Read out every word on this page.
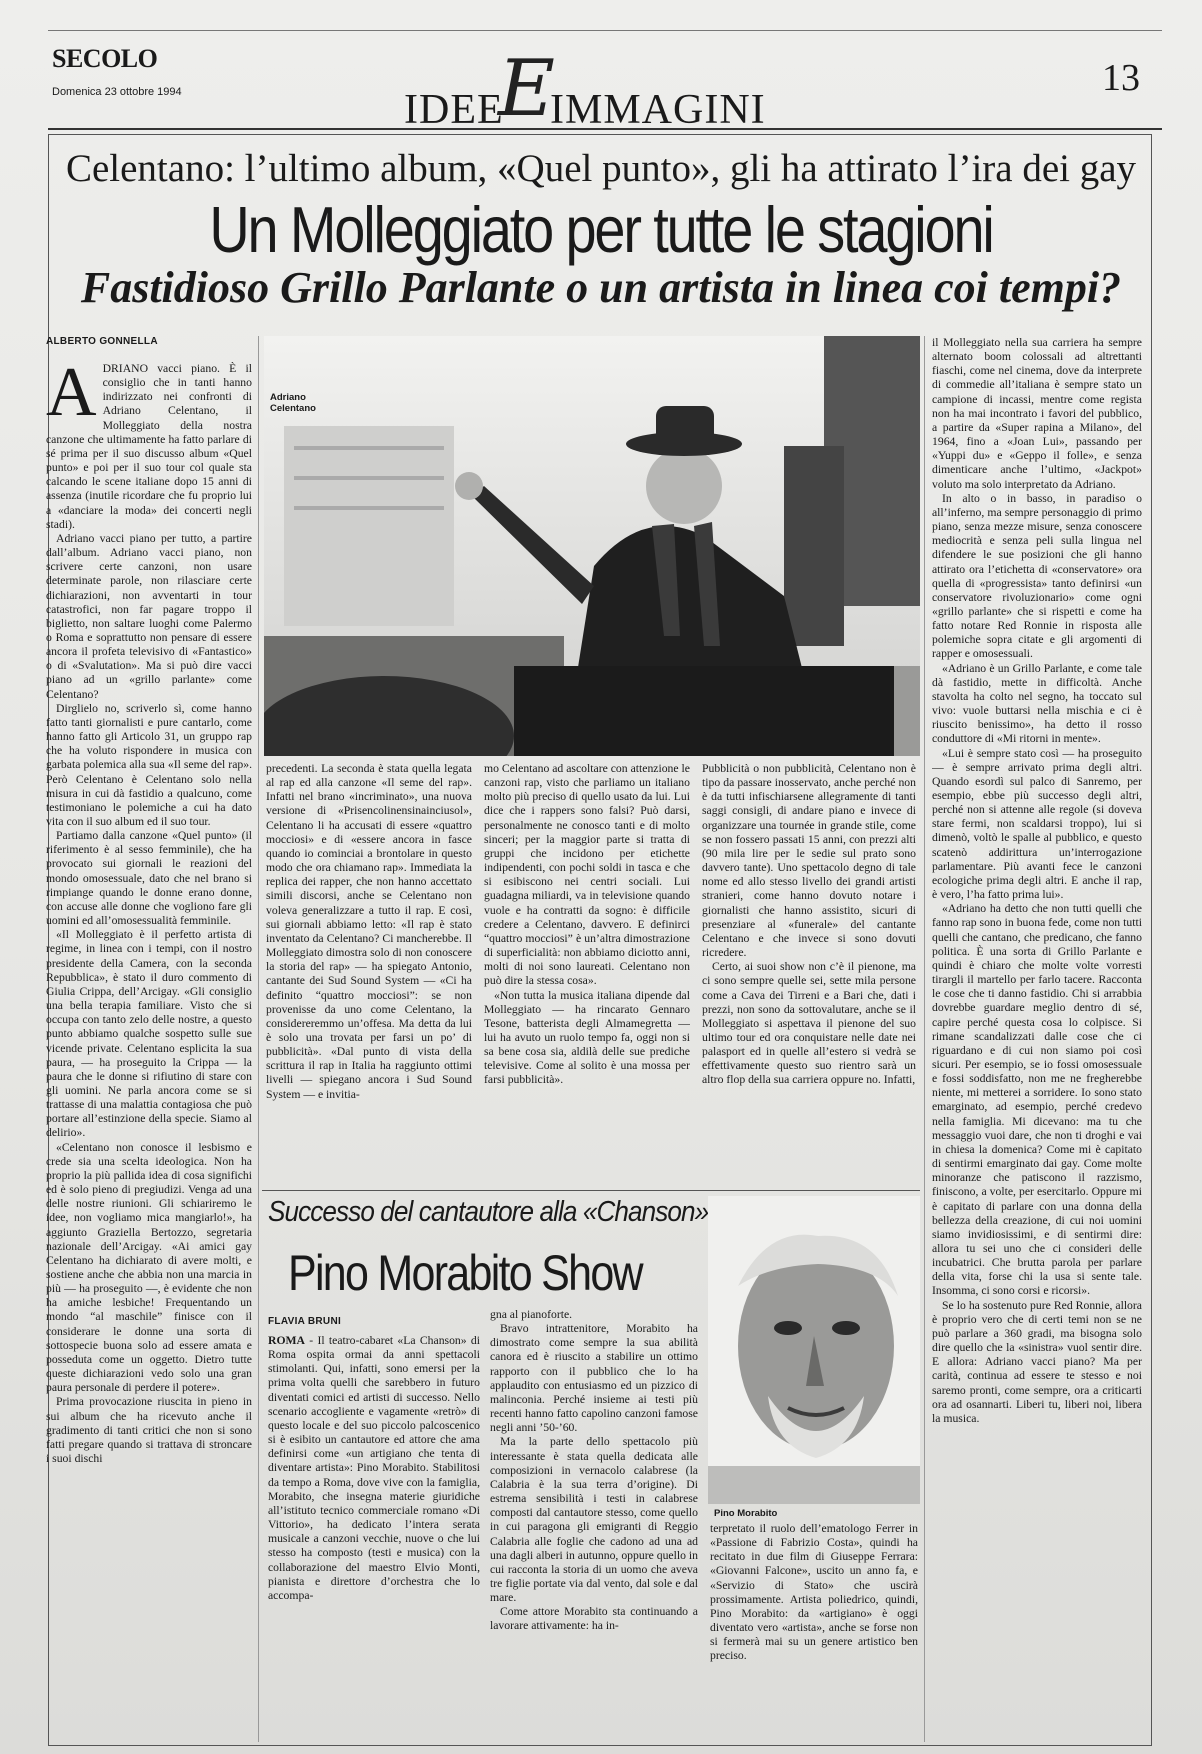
SECOLO
Domenica 23 ottobre 1994	IDEE
E
IMMAGINI
13
Celentano: l’ultimo album, «Quel punto», gli ha attirato l’ira dei gay
Un Molleggiato per tutte le stagioni
Fastidioso Grillo Parlante o un artista in linea coi tempi?
ALBERTO GONNELLA
Adriano Celentano

ADRIANO vacci piano. È il consiglio che in tanti hanno indirizzato nei confronti di Adriano Celentano, il Molleggiato della nostra canzone che ultimamente ha fatto parlare di sé prima per il suo discusso album «Quel punto» e poi per il suo tour col quale sta calcando le scene italiane dopo 15 anni di assenza (inutile ricordare che fu proprio lui a «danciare la moda» dei concerti negli stadi).

Adriano vacci piano per tutto, a partire dall’album. Adriano vacci piano, non scrivere certe canzoni, non usare determinate parole, non rilasciare certe dichiarazioni, non avventarti in tour catastrofici, non far pagare troppo il biglietto, non saltare luoghi come Palermo o Roma e soprattutto non pensare di essere ancora il profeta televisivo di «Fantastico» o di «Svalutation». Ma si può dire vacci piano ad un «grillo parlante» come Celentano?

Dirglielo no, scriverlo sì, come hanno fatto tanti giornalisti e pure cantarlo, come hanno fatto gli Articolo 31, un gruppo rap che ha voluto rispondere in musica con garbata polemica alla sua «Il seme del rap». Però Celentano è Celentano solo nella misura in cui dà fastidio a qualcuno, come testimoniano le polemiche a cui ha dato vita con il suo album ed il suo tour.

Partiamo dalla canzone «Quel punto» (il riferimento è al sesso femminile), che ha provocato sui giornali le reazioni del mondo omosessuale, dato che nel brano si rimpiange quando le donne erano donne, con accuse alle donne che vogliono fare gli uomini ed all’omosessualità femminile.

«Il Molleggiato è il perfetto artista di regime, in linea con i tempi, con il nostro presidente della Camera, con la seconda Repubblica», è stato il duro commento di Giulia Crippa, dell’Arcigay. «Gli consiglio una bella terapia familiare. Visto che si occupa con tanto zelo delle nostre, a questo punto abbiamo qualche sospetto sulle sue vicende private. Celentano esplicita la sua paura, — ha proseguito la Crippa — la paura che le donne si rifiutino di stare con gli uomini. Ne parla ancora come se si trattasse di una malattia contagiosa che può portare all’estinzione della specie. Siamo al delirio».

«Celentano non conosce il lesbismo e crede sia una scelta ideologica. Non ha proprio la più pallida idea di cosa significhi ed è solo pieno di pregiudizi. Venga ad una delle nostre riunioni. Gli schiariremo le idee, non vogliamo mica mangiarlo!», ha aggiunto Graziella Bertozzo, segretaria nazionale dell’Arcigay. «Ai amici gay Celentano ha dichiarato di avere molti, e sostiene anche che abbia non una marcia in più — ha proseguito —, è evidente che non ha amiche lesbiche! Frequentando un mondo “al maschile” finisce con il considerare le donne una sorta di sottospecie buona solo ad essere amata e posseduta come un oggetto. Dietro tutte queste dichiarazioni vedo solo una gran paura personale di perdere il potere».

Prima provocazione riuscita in pieno in sui album che ha ricevuto anche il gradimento di tanti critici che non si sono fatti pregare quando si trattava di stroncare i suoi dischi

precedenti. La seconda è stata quella legata al rap ed alla canzone «Il seme del rap». Infatti nel brano «incriminato», una nuova versione di «Prisencolinensinainciusol», Celentano li ha accusati di essere «quattro mocciosi» e di «essere ancora in fasce quando io cominciai a brontolare in questo modo che ora chiamano rap». Immediata la replica dei rapper, che non hanno accettato simili discorsi, anche se Celentano non voleva generalizzare a tutto il rap. E così, sui giornali abbiamo letto: «Il rap è stato inventato da Celentano? Ci mancherebbe. Il Molleggiato dimostra solo di non conoscere la storia del rap» — ha spiegato Antonio, cantante dei Sud Sound System — «Ci ha definito “quattro mocciosi”: se non provenisse da uno come Celentano, la considereremmo un’offesa. Ma detta da lui è solo una trovata per farsi un po’ di pubblicità». «Dal punto di vista della scrittura il rap in Italia ha raggiunto ottimi livelli — spiegano ancora i Sud Sound System — e invitia-

mo Celentano ad ascoltare con attenzione le canzoni rap, visto che parliamo un italiano molto più preciso di quello usato da lui. Lui dice che i rappers sono falsi? Può darsi, personalmente ne conosco tanti e di molto sinceri; per la maggior parte si tratta di gruppi che incidono per etichette indipendenti, con pochi soldi in tasca e che si esibiscono nei centri sociali. Lui guadagna miliardi, va in televisione quando vuole e ha contratti da sogno: è difficile credere a Celentano, davvero. E definirci “quattro mocciosi” è un’altra dimostrazione di superficialità: non abbiamo diciotto anni, molti di noi sono laureati. Celentano non può dire la stessa cosa».

«Non tutta la musica italiana dipende dal Molleggiato — ha rincarato Gennaro Tesone, batterista degli Almamegretta — lui ha avuto un ruolo tempo fa, oggi non si sa bene cosa sia, aldilà delle sue prediche televisive. Come al solito è una mossa per farsi pubblicità».

Pubblicità o non pubblicità, Celentano non è tipo da passare inosservato, anche perché non è da tutti infischiarsene allegramente di tanti saggi consigli, di andare piano e invece di organizzare una tournée in grande stile, come se non fossero passati 15 anni, con prezzi alti (90 mila lire per le sedie sul prato sono davvero tante). Uno spettacolo degno di tale nome ed allo stesso livello dei grandi artisti stranieri, come hanno dovuto notare i giornalisti che hanno assistito, sicuri di presenziare al «funerale» del cantante Celentano e che invece si sono dovuti ricredere.

Certo, ai suoi show non c’è il pienone, ma ci sono sempre quelle sei, sette mila persone come a Cava dei Tirreni e a Bari che, dati i prezzi, non sono da sottovalutare, anche se il Molleggiato si aspettava il pienone del suo ultimo tour ed ora conquistare nelle date nei palasport ed in quelle all’estero si vedrà se effettivamente questo suo rientro sarà un altro flop della sua carriera oppure no. Infatti,

il Molleggiato nella sua carriera ha sempre alternato boom colossali ad altrettanti fiaschi, come nel cinema, dove da interprete di commedie all’italiana è sempre stato un campione di incassi, mentre come regista non ha mai incontrato i favori del pubblico, a partire da «Super rapina a Milano», del 1964, fino a «Joan Lui», passando per «Yuppi du» e «Geppo il folle», e senza dimenticare anche l’ultimo, «Jackpot» voluto ma solo interpretato da Adriano.

In alto o in basso, in paradiso o all’inferno, ma sempre personaggio di primo piano, senza mezze misure, senza conoscere mediocrità e senza peli sulla lingua nel difendere le sue posizioni che gli hanno attirato ora l’etichetta di «conservatore» ora quella di «progressista» tanto definirsi «un conservatore rivoluzionario» come ogni «grillo parlante» che si rispetti e come ha fatto notare Red Ronnie in risposta alle polemiche sopra citate e gli argomenti di rapper e omosessuali.

«Adriano è un Grillo Parlante, e come tale dà fastidio, mette in difficoltà. Anche stavolta ha colto nel segno, ha toccato sul vivo: vuole buttarsi nella mischia e ci è riuscito benissimo», ha detto il rosso conduttore di «Mi ritorni in mente».

«Lui è sempre stato così — ha proseguito — è sempre arrivato prima degli altri. Quando esordì sul palco di Sanremo, per esempio, ebbe più successo degli altri, perché non si attenne alle regole (si doveva stare fermi, non scaldarsi troppo), lui si dimenò, voltò le spalle al pubblico, e questo scatenò addirittura un’interrogazione parlamentare. Più avanti fece le canzoni ecologiche prima degli altri. E anche il rap, è vero, l’ha fatto prima lui».

«Adriano ha detto che non tutti quelli che fanno rap sono in buona fede, come non tutti quelli che cantano, che predicano, che fanno politica. È una sorta di Grillo Parlante e quindi è chiaro che molte volte vorresti tirargli il martello per farlo tacere. Racconta le cose che ti danno fastidio. Chi si arrabbia dovrebbe guardare meglio dentro di sé, capire perché questa cosa lo colpisce. Si rimane scandalizzati dalle cose che ci riguardano e di cui non siamo poi così sicuri. Per esempio, se io fossi omosessuale e fossi soddisfatto, non me ne fregherebbe niente, mi metterei a sorridere. Io sono stato emarginato, ad esempio, perché credevo nella famiglia. Mi dicevano: ma tu che messaggio vuoi dare, che non ti droghi e vai in chiesa la domenica? Come mi è capitato di sentirmi emarginato dai gay. Come molte minoranze che patiscono il razzismo, finiscono, a volte, per esercitarlo. Oppure mi è capitato di parlare con una donna della bellezza della creazione, di cui noi uomini siamo invidiosissimi, e di sentirmi dire: allora tu sei uno che ci consideri delle incubatrici. Che brutta parola per parlare della vita, forse chi la usa si sente tale. Insomma, ci sono corsi e ricorsi».

Se lo ha sostenuto pure Red Ronnie, allora è proprio vero che di certi temi non se ne può parlare a 360 gradi, ma bisogna solo dire quello che la «sinistra» vuol sentir dire. E allora: Adriano vacci piano? Ma per carità, continua ad essere te stesso e noi saremo pronti, come sempre, ora a criticarti ora ad osannarti. Liberi tu, liberi noi, libera la musica.

Successo del cantautore alla «Chanson»
Pino Morabito Show
FLAVIA BRUNI
Pino Morabito

ROMA - Il teatro-cabaret «La Chanson» di Roma ospita ormai da anni spettacoli stimolanti. Qui, infatti, sono emersi per la prima volta quelli che sarebbero in futuro diventati comici ed artisti di successo. Nello scenario accogliente e vagamente «retrò» di questo locale e del suo piccolo palcoscenico si è esibito un cantautore ed attore che ama definirsi come «un artigiano che tenta di diventare artista»: Pino Morabito. Stabilitosi da tempo a Roma, dove vive con la famiglia, Morabito, che insegna materie giuridiche all’istituto tecnico commerciale romano «Di Vittorio», ha dedicato l’intera serata musicale a canzoni vecchie, nuove o che lui stesso ha composto (testi e musica) con la collaborazione del maestro Elvio Monti, pianista e direttore d’orchestra che lo accompa-

gna al pianoforte.

Bravo intrattenitore, Morabito ha dimostrato come sempre la sua abilità canora ed è riuscito a stabilire un ottimo rapporto con il pubblico che lo ha applaudito con entusiasmo ed un pizzico di malinconia. Perché insieme ai testi più recenti hanno fatto capolino canzoni famose negli anni ’50-’60.

Ma la parte dello spettacolo più interessante è stata quella dedicata alle composizioni in vernacolo calabrese (la Calabria è la sua terra d’origine). Di estrema sensibilità i testi in calabrese composti dal cantautore stesso, come quello in cui paragona gli emigranti di Reggio Calabria alle foglie che cadono ad una ad una dagli alberi in autunno, oppure quello in cui racconta la storia di un uomo che aveva tre figlie portate via dal vento, dal sole e dal mare.

Come attore Morabito sta continuando a lavorare attivamente: ha in-

terpretato il ruolo dell’ematologo Ferrer in «Passione di Fabrizio Costa», quindi ha recitato in due film di Giuseppe Ferrara: «Giovanni Falcone», uscito un anno fa, e «Servizio di Stato» che uscirà prossimamente. Artista poliedrico, quindi, Pino Morabito: da «artigiano» è oggi diventato vero «artista», anche se forse non si fermerà mai su un genere artistico ben preciso.
